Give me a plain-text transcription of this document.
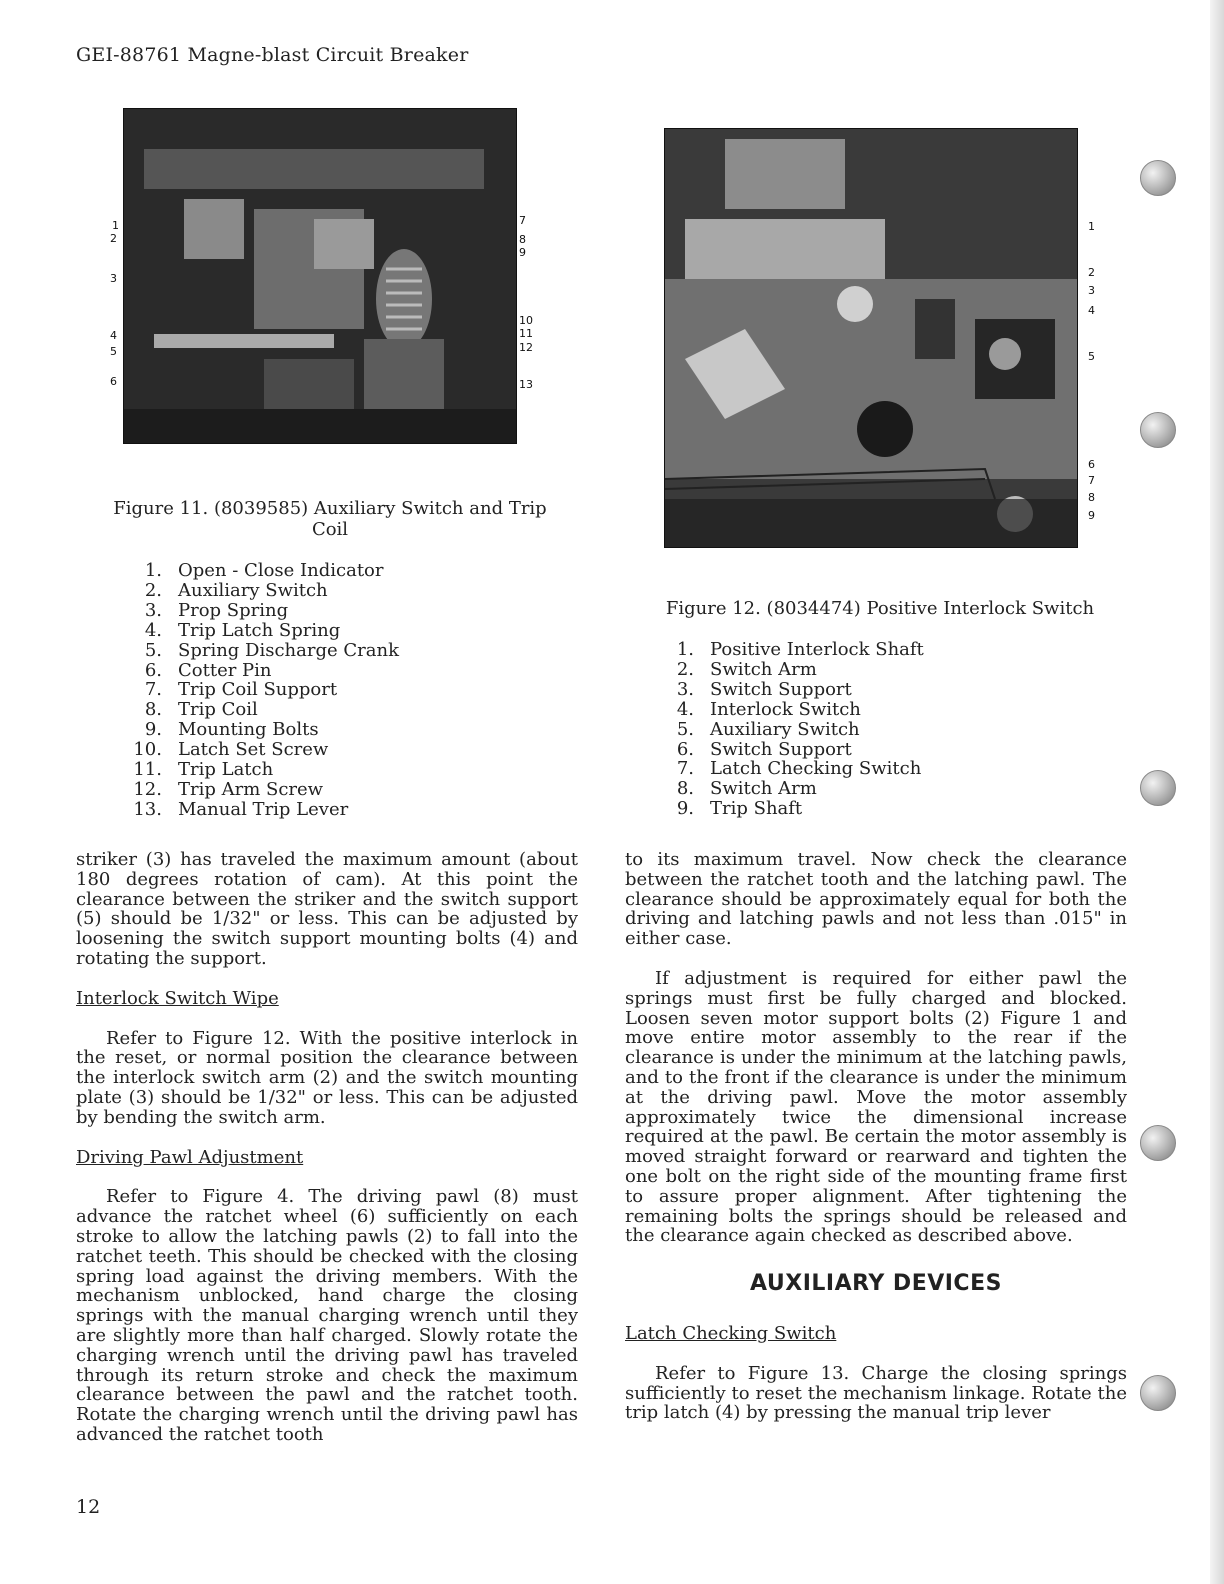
GEI-88761 Magne-blast Circuit Breaker
1
2
3
4
5
6
7
8
9
10
11
12
13
Figure 11. (8039585) Auxiliary Switch and Trip Coil
1. Open - Close Indicator
2. Auxiliary Switch
3. Prop Spring
4. Trip Latch Spring
5. Spring Discharge Crank
6. Cotter Pin
7. Trip Coil Support
8. Trip Coil
9. Mounting Bolts
10. Latch Set Screw
11. Trip Latch
12. Trip Arm Screw
13. Manual Trip Lever
1
2
3
4
5
6
7
8
9
Figure 12. (8034474) Positive Interlock Switch
1. Positive Interlock Shaft
2. Switch Arm
3. Switch Support
4. Interlock Switch
5. Auxiliary Switch
6. Switch Support
7. Latch Checking Switch
8. Switch Arm
9. Trip Shaft

striker (3) has traveled the maximum amount (about 180 degrees rotation of cam). At this point the clearance between the striker and the switch support (5) should be 1/32" or less. This can be adjusted by loosening the switch support mounting bolts (4) and rotating the support.

Interlock Switch Wipe

Refer to Figure 12. With the positive interlock in the reset, or normal position the clearance between the interlock switch arm (2) and the switch mounting plate (3) should be 1/32" or less. This can be adjusted by bending the switch arm.

Driving Pawl Adjustment

Refer to Figure 4. The driving pawl (8) must advance the ratchet wheel (6) sufficiently on each stroke to allow the latching pawls (2) to fall into the ratchet teeth. This should be checked with the closing spring load against the driving members. With the mechanism unblocked, hand charge the closing springs with the manual charging wrench until they are slightly more than half charged. Slowly rotate the charging wrench until the driving pawl has traveled through its return stroke and check the maximum clearance between the pawl and the ratchet tooth. Rotate the charging wrench until the driving pawl has advanced the ratchet tooth

to its maximum travel. Now check the clearance between the ratchet tooth and the latching pawl. The clearance should be approximately equal for both the driving and latching pawls and not less than .015" in either case.

If adjustment is required for either pawl the springs must first be fully charged and blocked. Loosen seven motor support bolts (2) Figure 1 and move entire motor assembly to the rear if the clearance is under the minimum at the latching pawls, and to the front if the clearance is under the minimum at the driving pawl. Move the motor assembly approximately twice the dimensional increase required at the pawl. Be certain the motor assembly is moved straight forward or rearward and tighten the one bolt on the right side of the mounting frame first to assure proper alignment. After tightening the remaining bolts the springs should be released and the clearance again checked as described above.

AUXILIARY DEVICES
Latch Checking Switch

Refer to Figure 13. Charge the closing springs sufficiently to reset the mechanism linkage. Rotate the trip latch (4) by pressing the manual trip lever

12
